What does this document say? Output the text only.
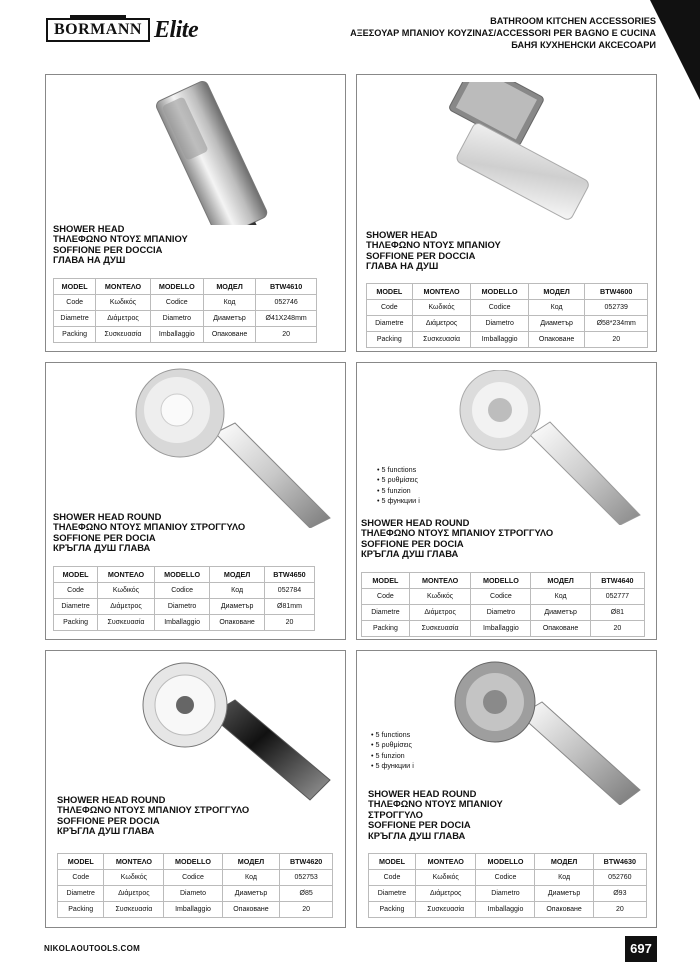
BORMANN Elite	BATHROOM KITCHEN ACCESSORIES
ΑΞΕΣΟΥΑΡ ΜΠΑΝΙΟΥ ΚΟΥΖΙΝΑΣ/ACCESSORI PER BAGNO E CUCINA
БАНЯ КУХНЕНСКИ АКСЕСОАРИ
• 5 functions
• 5 ρυθμίσεις
• 5 funzion
• 5 функции i
• 5 functions
• 5 ρυθμίσεις
• 5 funzion
• 5 функции i
SHOWER HEAD
ΤΗΛΕΦΩΝΟ ΝΤΟΥΣ ΜΠΑΝΙΟΥ
SOFFIONE PER DOCCIA
ГЛАВА НА ДУШ
SHOWER HEAD
ΤΗΛΕΦΩΝΟ ΝΤΟΥΣ ΜΠΑΝΙΟΥ
SOFFIONE PER DOCCIA
ГЛАВА НА ДУШ
SHOWER HEAD ROUND
ΤΗΛΕΦΩΝΟ ΝΤΟΥΣ ΜΠΑΝΙΟΥ ΣΤΡΟΓΓΥΛΟ
SOFFIONE PER DOCIA
КРЪГЛА ДУШ ГЛАВА
SHOWER HEAD ROUND
ΤΗΛΕΦΩΝΟ ΝΤΟΥΣ ΜΠΑΝΙΟΥ ΣΤΡΟΓΓΥΛΟ
SOFFIONE PER DOCIA
КРЪГЛА ДУШ ГЛАВА
SHOWER HEAD ROUND
ΤΗΛΕΦΩΝΟ ΝΤΟΥΣ ΜΠΑΝΙΟΥ ΣΤΡΟΓΓΥΛΟ
SOFFIONE PER DOCIA
КРЪГЛА ДУШ ГЛАВА
SHOWER HEAD ROUND
ΤΗΛΕΦΩΝΟ ΝΤΟΥΣ ΜΠΑΝΙΟΥ
ΣΤΡΟΓΓΥΛΟ
SOFFIONE PER DOCIA
КРЪГЛА ДУШ ГЛАВА
MODEL	ΜΟΝΤΕΛΟ	MODELLO	МОДЕЛ	BTW4610
Code	Κωδικός	Codice	Код	052746
Diametre	Διάμετρος	Diametro	Диаметър	Ø41X248mm
Packing	Συσκευασία	Imballaggio	Опаковане	20
MODEL	ΜΟΝΤΕΛΟ	MODELLO	МОДЕЛ	BTW4600
Code	Κωδικός	Codice	Код	052739
Diametre	Διάμετρος	Diametro	Диаметър	Ø58*234mm
Packing	Συσκευασία	Imballaggio	Опаковане	20
MODEL	ΜΟΝΤΕΛΟ	MODELLO	МОДЕЛ	BTW4650
Code	Κωδικός	Codice	Код	052784
Diametre	Διάμετρος	Diametro	Диаметър	Ø81mm
Packing	Συσκευασία	Imballaggio	Опаковане	20
MODEL	ΜΟΝΤΕΛΟ	MODELLO	МОДЕЛ	BTW4640
Code	Κωδικός	Codice	Код	052777
Diametre	Διάμετρος	Diametro	Диаметър	Ø81
Packing	Συσκευασία	Imballaggio	Опаковане	20
MODEL	ΜΟΝΤΕΛΟ	MODELLO	МОДЕЛ	BTW4620
Code	Κωδικός	Codice	Код	052753
Diametre	Διάμετρος	Diameto	Диаметър	Ø85
Packing	Συσκευασία	Imballaggio	Опаковане	20
MODEL	ΜΟΝΤΕΛΟ	MODELLO	МОДЕЛ	BTW4630
Code	Κωδικός	Codice	Код	052760
Diametre	Διάμετρος	Diametro	Диаметър	Ø93
Packing	Συσκευασία	Imballaggio	Опаковане	20
NIKOLAOUTOOLS.COM	697
